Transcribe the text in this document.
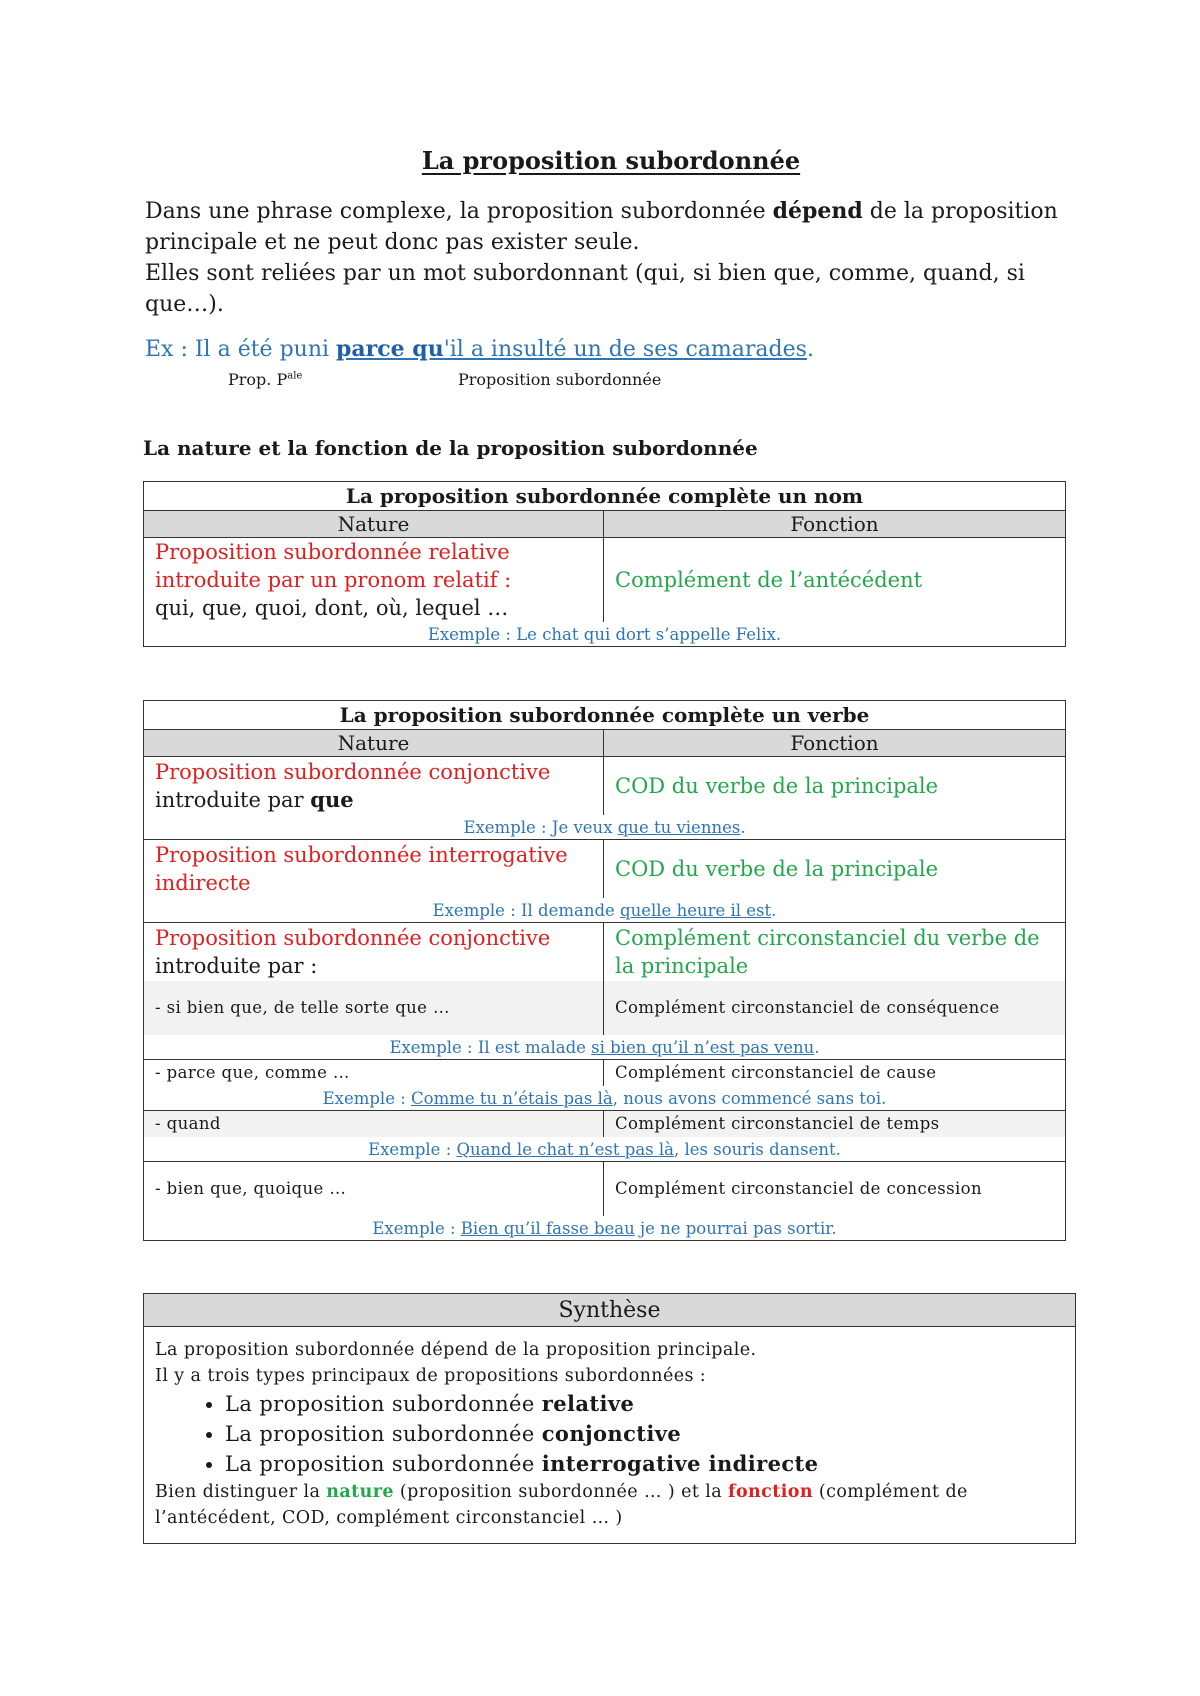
La proposition subordonnée
Dans une phrase complexe, la proposition subordonnée dépend de la proposition principale et ne peut donc pas exister seule.
Elles sont reliées par un mot subordonnant (qui, si bien que, comme, quand, si que…).
Ex : Il a été puni parce qu'il a insulté un de ses camarades.
Prop. $P^{ale}$	Proposition subordonnée
La nature et la fonction de la proposition subordonnée
La proposition subordonnée complète un nom	
Nature	Fonction
Proposition subordonnée relative introduite par un pronom relatif :
qui, que, quoi, dont, où, lequel …	Complément de l’antécédent
Exemple : Le chat qui dort s’appelle Felix.	
La proposition subordonnée complète un verbe	
Nature	Fonction
Proposition subordonnée conjonctive introduite par que	COD du verbe de la principale
Exemple : Je veux que tu viennes.	
Proposition subordonnée interrogative indirecte	COD du verbe de la principale
Exemple : Il demande quelle heure il est.	
Proposition subordonnée conjonctive introduite par :	Complément circonstanciel du verbe de la principale
- si bien que, de telle sorte que …	Complément circonstanciel de conséquence
Exemple : Il est malade si bien qu’il n’est pas venu.	
- parce que, comme …	Complément circonstanciel de cause
Exemple : Comme tu n’étais pas là, nous avons commencé sans toi.	
- quand	Complément circonstanciel de temps
Exemple : Quand le chat n’est pas là, les souris dansent.	
- bien que, quoique …	Complément circonstanciel de concession
Exemple : Bien qu’il fasse beau je ne pourrai pas sortir.	
Synthèse

La proposition subordonnée dépend de la proposition principale.
Il y a trois types principaux de propositions subordonnées :
• La proposition subordonnée relative
• La proposition subordonnée conjonctive
• La proposition subordonnée interrogative indirecte
Bien distinguer la nature (proposition subordonnée … ) et la fonction (complément de l’antécédent, COD, complément circonstanciel … )
